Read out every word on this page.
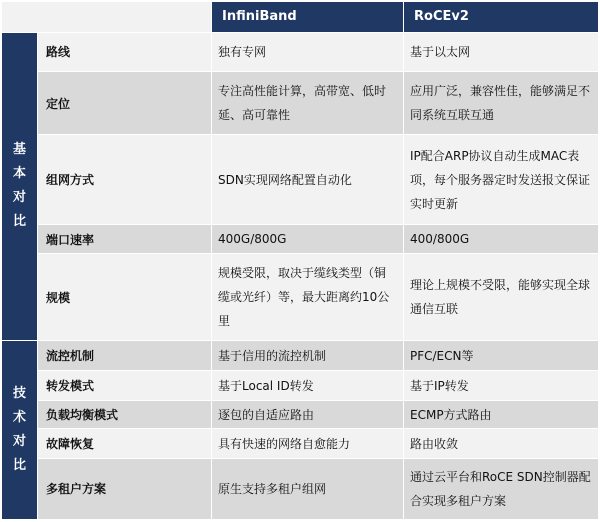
		InfiniBand	RoCEv2
基本对比	路线	独有专网	基于以太网
	定位	专注高性能计算，高带宽、低时延、高可靠性	应用广泛，兼容性佳，能够满足不同系统互联互通
	组网方式	SDN实现网络配置自动化	IP配合ARP协议自动生成MAC表项，每个服务器定时发送报文保证实时更新
	端口速率	400G/800G	400/800G
	规模	规模受限，取决于缆线类型（铜缆或光纤）等，最大距离约10公里	理论上规模不受限，能够实现全球通信互联
技术对比	流控机制	基于信用的流控机制	PFC/ECN等
	转发模式	基于Local ID转发	基于IP转发
	负载均衡模式	逐包的自适应路由	ECMP方式路由
	故障恢复	具有快速的网络自愈能力	路由收敛
	多租户方案	原生支持多租户组网	通过云平台和RoCE SDN控制器配合实现多租户方案
